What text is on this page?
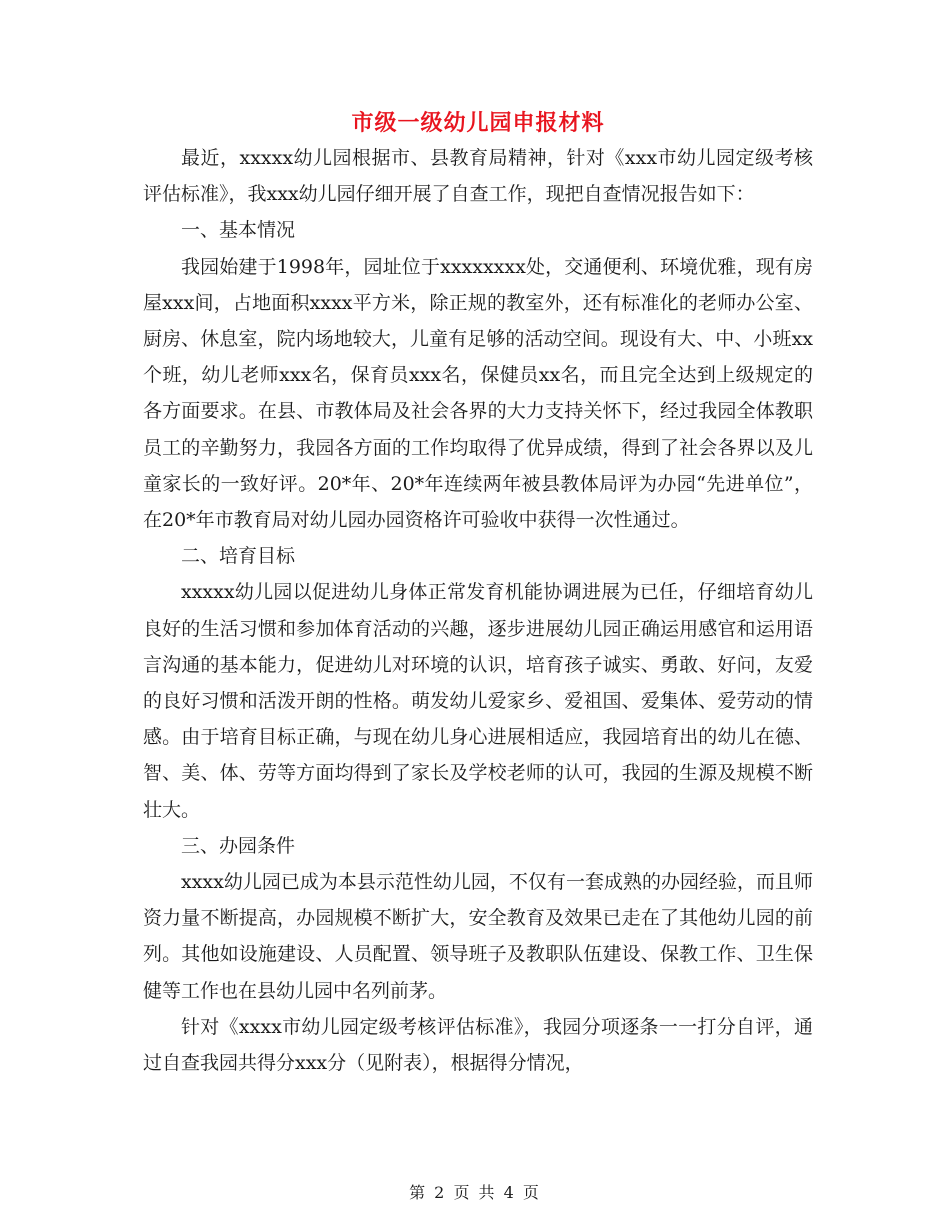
市级一级幼儿园申报材料

最近，xxxxx幼儿园根据市、县教育局精神，针对《xxx市幼儿园定级考核评估标准》，我xxx幼儿园仔细开展了自查工作，现把自查情况报告如下：

一、基本情况

我园始建于1998年，园址位于xxxxxxxx处，交通便利、环境优雅，现有房屋xxx间，占地面积xxxx平方米，除正规的教室外，还有标准化的老师办公室、厨房、休息室，院内场地较大，儿童有足够的活动空间。现设有大、中、小班xx个班，幼儿老师xxx名，保育员xxx名，保健员xx名，而且完全达到上级规定的各方面要求。在县、市教体局及社会各界的大力支持关怀下，经过我园全体教职员工的辛勤努力，我园各方面的工作均取得了优异成绩，得到了社会各界以及儿童家长的一致好评。20*年、20*年连续两年被县教体局评为办园“先进单位”，在20*年市教育局对幼儿园办园资格许可验收中获得一次性通过。

二、培育目标

xxxxx幼儿园以促进幼儿身体正常发育机能协调进展为已任，仔细培育幼儿良好的生活习惯和参加体育活动的兴趣，逐步进展幼儿园正确运用感官和运用语言沟通的基本能力，促进幼儿对环境的认识，培育孩子诚实、勇敢、好问，友爱的良好习惯和活泼开朗的性格。萌发幼儿爱家乡、爱祖国、爱集体、爱劳动的情感。由于培育目标正确，与现在幼儿身心进展相适应，我园培育出的幼儿在德、智、美、体、劳等方面均得到了家长及学校老师的认可，我园的生源及规模不断壮大。

三、办园条件

xxxx幼儿园已成为本县示范性幼儿园，不仅有一套成熟的办园经验，而且师资力量不断提高，办园规模不断扩大，安全教育及效果已走在了其他幼儿园的前列。其他如设施建设、人员配置、领导班子及教职队伍建设、保教工作、卫生保健等工作也在县幼儿园中名列前茅。

针对《xxxx市幼儿园定级考核评估标准》，我园分项逐条一一打分自评，通过自查我园共得分xxx分（见附表），根据得分情况，

第 2 页 共 4 页
